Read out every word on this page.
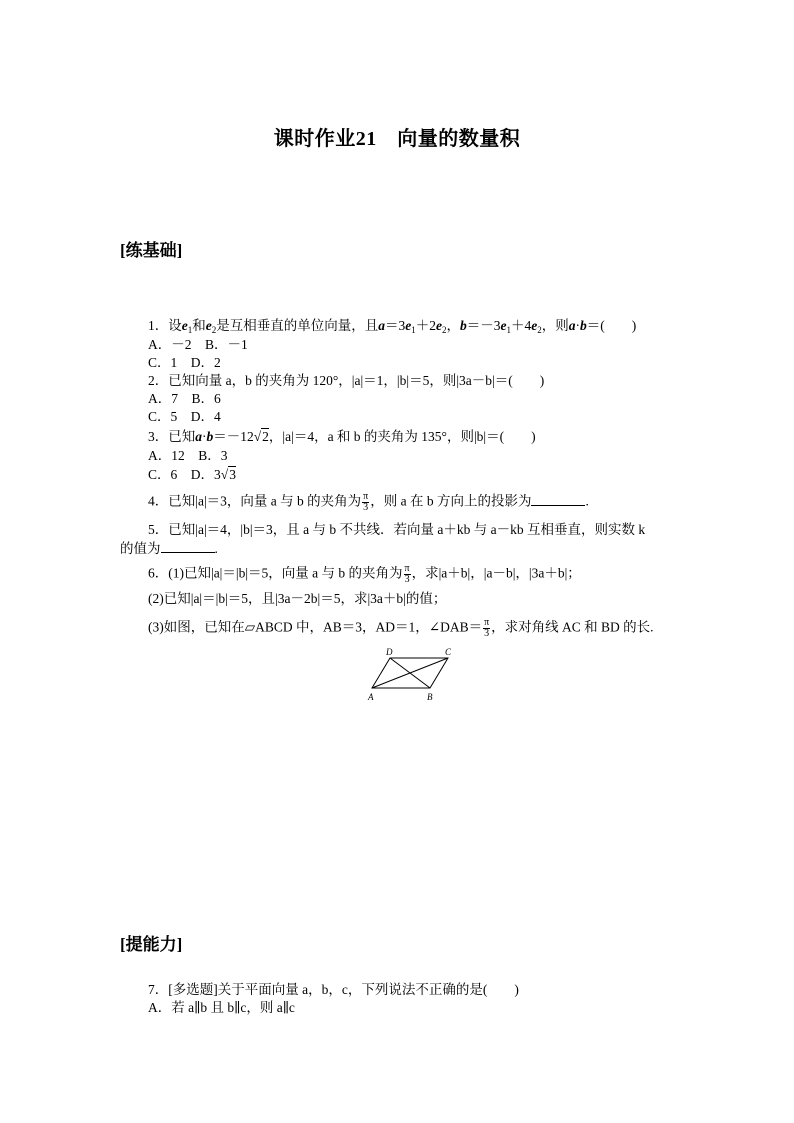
课时作业21　向量的数量积
[练基础]
1．设$e_1$和$e_2$是互相垂直的单位向量，且$a=3e_1+2e_2$，$b=-3e_1+4e_2$，则a·b＝(　　)
A．－2　B．－1
C．1　D．2
2．已知向量 a，b 的夹角为 120°，|a|＝1，|b|＝5，则|3a－b|＝(　　)
A．7　B．6
C．5　D．4
3．已知a·b＝－12√2，|a|＝4，a 和 b 的夹角为 135°，则|b|＝(　　)
A．12　B．3
C．6　D．3√3
4．已知|a|＝3，向量 a 与 b 的夹角为 $\frac{\pi}{3}$ ，则 a 在 b 方向上的投影为	.
5．已知|a|＝4，|b|＝3，且 a 与 b 不共线．若向量 a＋kb 与 a－kb 互相垂直，则实数 k
的值为	.
6．(1)已知|a|＝|b|＝5，向量 a 与 b 的夹角为 $\frac{\pi}{3}$ ，求|a＋b|，|a－b|，|3a＋b|；
(2)已知|a|＝|b|＝5，且|3a－2b|＝5，求|3a＋b|的值；
(3)如图，已知在▱ABCD 中，AB＝3，AD＝1，∠DAB＝ $\frac{\pi}{3}$ ，求对角线 AC 和 BD 的长.
A	B
C
D
[提能力]
7．[多选题]关于平面向量 a，b，c，下列说法不正确的是(　　)
A．若 a∥b 且 b∥c，则 a∥c
